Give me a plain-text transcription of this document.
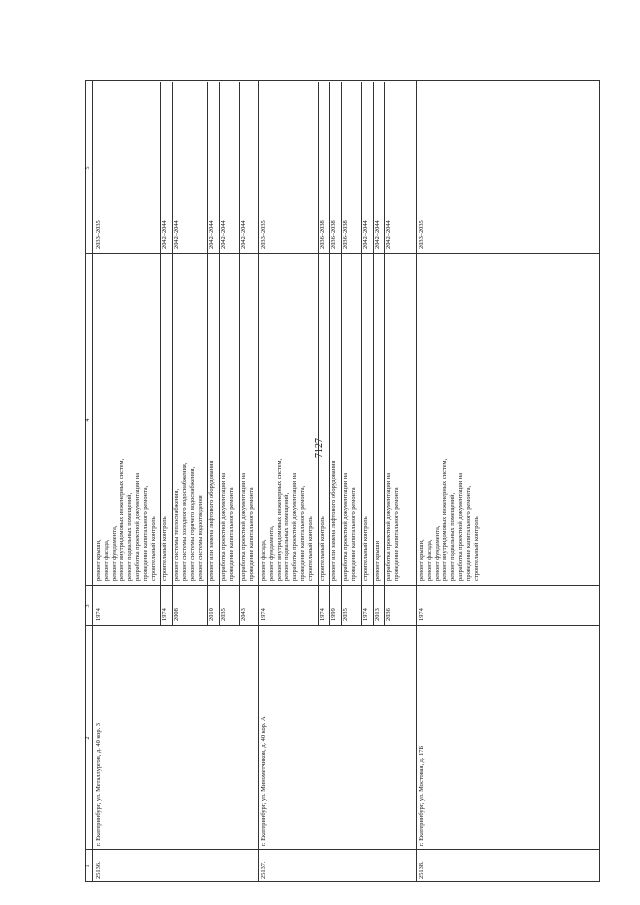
7127
1
2
3
4
5
25136.
г. Екатеринбург, ул. Металлургов, д. 40 кор. 3
1974
ремонт крыши, ремонт фасада, ремонт фундамента, ремонт внутридомовых инженерных систем, ремонт подвальных помещений, разработка проектной документации на проведение капитального ремонта, строительный контроль
2033–2035
1974
строительный контроль
2042–2044
2008
ремонт системы теплоснабжения, ремонт системы холодного водоснабжения, ремонт системы горячего водоснабжения, ремонт системы водоотведения
2042–2044
2010
ремонт или замена лифтового оборудования
2042–2044
2035
разработка проектной документации на проведение капитального ремонта
2042–2044
2043
разработка проектной документации на проведение капитального ремонта
2042–2044
25137.
г. Екатеринбург, ул. Минометчиков, д. 40 кор. А
1974
ремонт фасада, ремонт фундамента, ремонт внутридомовых инженерных систем, ремонт подвальных помещений, разработка проектной документации на проведение капитального ремонта, строительный контроль
2033–2035
1974
строительный контроль
2036–2038
1999
ремонт или замена лифтового оборудования
2036–2038
2035
разработка проектной документации на проведение капитального ремонта
2036–2038
1974
строительный контроль
2042–2044
2013
ремонт крыши
2042–2044
2036
разработка проектной документации на проведение капитального ремонта
2042–2044
25138.
г. Екатеринбург, ул. Мостовая, д. 17Б
1974
ремонт крыши, ремонт фасада, ремонт фундамента, ремонт внутридомовых инженерных систем, ремонт подвальных помещений, разработка проектной документации на проведение капитального ремонта, строительный контроль
2033–2035
